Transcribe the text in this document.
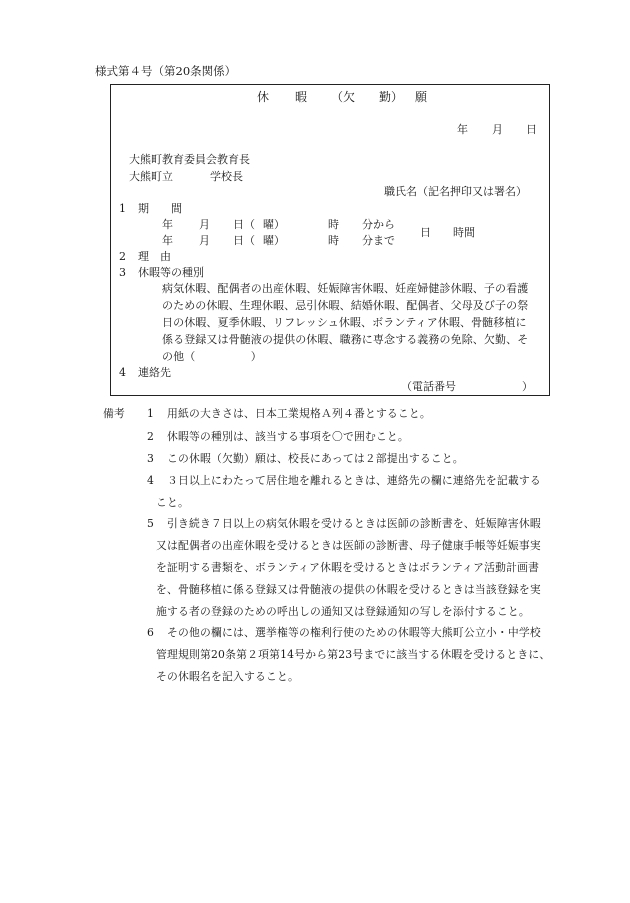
様式第４号（第20条関係）
休 暇 （欠 勤） 願
年 月 日
大熊町教育委員会教育長
大熊町立	学校長
職氏名（記名押印又は署名）
1 期　　間
年 月 日（ 曜）	時 分から
年 月 日（ 曜）	時 分まで
日 時間
2 理　由
3 休暇等の種別
病気休暇、配偶者の出産休暇、妊娠障害休暇、妊産婦健診休暇、子の看護
のための休暇、生理休暇、忌引休暇、結婚休暇、配偶者、父母及び子の祭
日の休暇、夏季休暇、リフレッシュ休暇、ボランティア休暇、骨髄移植に
係る登録又は骨髄液の提供の休暇、職務に専念する義務の免除、欠勤、そ
の他（　　　　　）
4 連絡先
（電話番号　　　　　　）
備考 1 用紙の大きさは、日本工業規格Ａ列４番とすること。
2 休暇等の種別は、該当する事項を〇で囲むこと。
3 この休暇（欠勤）願は、校長にあっては２部提出すること。
4 ３日以上にわたって居住地を離れるときは、連絡先の欄に連絡先を記載する
こと。
5 引き続き７日以上の病気休暇を受けるときは医師の診断書を、妊娠障害休暇
又は配偶者の出産休暇を受けるときは医師の診断書、母子健康手帳等妊娠事実
を証明する書類を、ボランティア休暇を受けるときはボランティア活動計画書
を、骨髄移植に係る登録又は骨髄液の提供の休暇を受けるときは当該登録を実
施する者の登録のための呼出しの通知又は登録通知の写しを添付すること。
6 その他の欄には、選挙権等の権利行使のための休暇等大熊町公立小・中学校
管理規則第20条第２項第14号から第23号までに該当する休暇を受けるときに、
その休暇名を記入すること。
